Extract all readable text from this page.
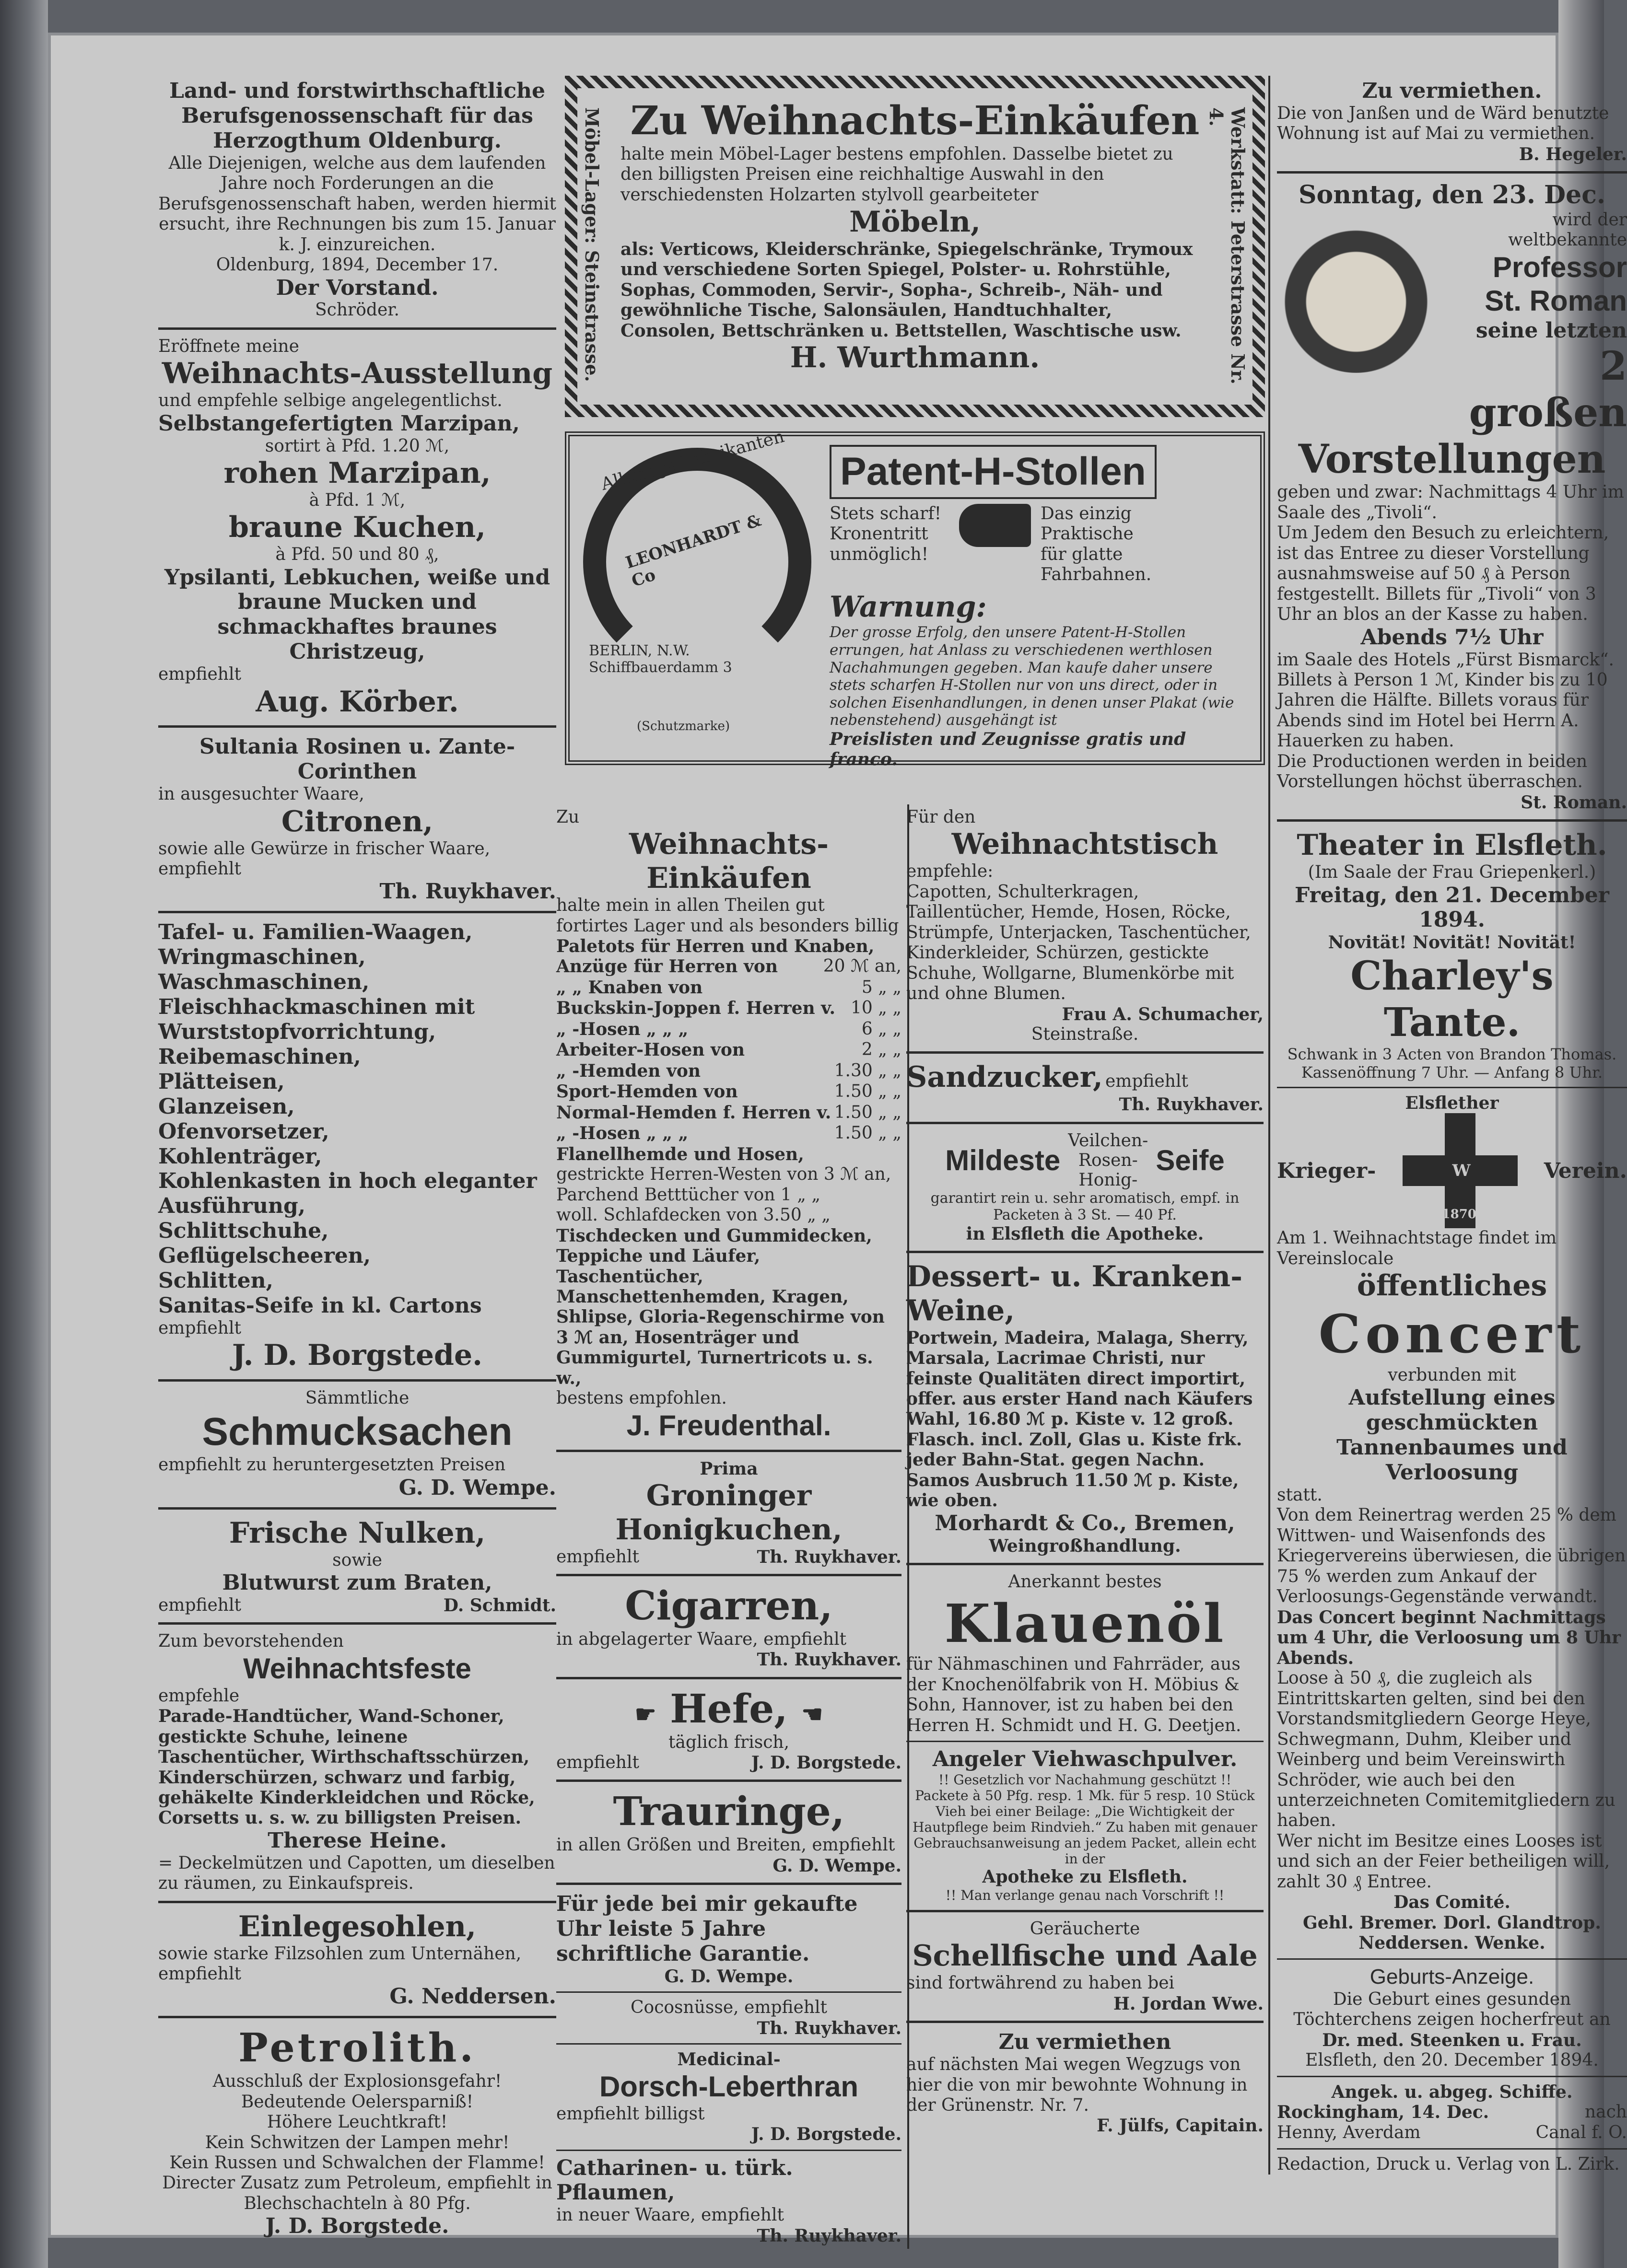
Land- und forstwirthschaftliche Berufsgenossenschaft für das Herzogthum Oldenburg.

Alle Diejenigen, welche aus dem laufenden Jahre noch Forderungen an die Berufsgenossenschaft haben, werden hiermit ersucht, ihre Rechnungen bis zum 15. Januar k. J. einzureichen.

Oldenburg, 1894, December 17.

Der Vorstand.

Schröder.

Eröffnete meine

Weihnachts-Ausstellung

und empfehle selbige angelegentlichst.

Selbstangefertigten Marzipan,

sortirt à Pfd. 1.20 ℳ,

rohen Marzipan,

à Pfd. 1 ℳ,

braune Kuchen,

à Pfd. 50 und 80 ₰,

Ypsilanti, Lebkuchen, weiße und braune Mucken und schmackhaftes braunes Christzeug,

empfiehlt

Aug. Körber.

Sultania Rosinen u. Zante-Corinthen

in ausgesuchter Waare,

Citronen,

sowie alle Gewürze in frischer Waare, empfiehlt

Th. Ruykhaver.

Tafel- u. Familien-Waagen,

Wringmaschinen,

Waschmaschinen,

Fleischhackmaschinen mit Wurststopfvorrichtung,

Reibemaschinen,

Plätteisen,

Glanzeisen,

Ofenvorsetzer,

Kohlenträger,

Kohlenkasten in hoch eleganter Ausführung,

Schlittschuhe,

Geflügelscheeren,

Schlitten,

Sanitas-Seife in kl. Cartons

empfiehlt

J. D. Borgstede.

Sämmtliche

Schmucksachen

empfiehlt zu heruntergesetzten Preisen

G. D. Wempe.

Frische Nulken,

sowie

Blutwurst zum Braten,

empfiehlt	D. Schmidt.

Zum bevorstehenden

Weihnachtsfeste

empfehle

Parade-Handtücher, Wand-Schoner, gestickte Schuhe, leinene Taschentücher, Wirthschaftsschürzen, Kinderschürzen, schwarz und farbig, gehäkelte Kinderkleidchen und Röcke, Corsetts u. s. w. zu billigsten Preisen.

Therese Heine.

= Deckelmützen und Capotten, um dieselben zu räumen, zu Einkaufspreis.

Einlegesohlen,

sowie starke Filzsohlen zum Unternähen, empfiehlt

G. Neddersen.

Petrolith.

Ausschluß der Explosionsgefahr!

Bedeutende Oelersparniß!

Höhere Leuchtkraft!

Kein Schwitzen der Lampen mehr!

Kein Russen und Schwalchen der Flamme!

Directer Zusatz zum Petroleum, empfiehlt in Blechschachteln à 80 Pfg.

J. D. Borgstede.

Möbel-Lager: Steinstrasse.	Werkstatt: Peterstrasse Nr. 4.

Zu Weihnachts-Einkäufen

halte mein Möbel-Lager bestens empfohlen. Dasselbe bietet zu den billigsten Preisen eine reichhaltige Auswahl in den verschiedensten Holzarten stylvoll gearbeiteter

Möbeln,

als: Verticows, Kleiderschränke, Spiegelschränke, Trymoux und verschiedene Sorten Spiegel, Polster- u. Rohrstühle, Sophas, Commoden, Servir-, Sopha-, Schreib-, Näh- und gewöhnliche Tische, Salonsäulen, Handtuchhalter, Consolen, Bettschränken u. Bettstellen, Waschtische usw.

H. Wurthmann.

LEONHARDT & Co

Alleinige Fabrikanten

BERLIN, N.W. Schiffbauerdamm 3

(Schutzmarke)

Patent-H-Stollen

Stets scharf! Kronentritt unmöglich!

Das einzig Praktische für glatte Fahrbahnen.

Warnung:

Der grosse Erfolg, den unsere Patent-H-Stollen errungen, hat Anlass zu verschiedenen werthlosen Nachahmungen gegeben. Man kaufe daher unsere stets scharfen H-Stollen nur von uns direct, oder in solchen Eisenhandlungen, in denen unser Plakat (wie nebenstehend) ausgehängt ist

Preislisten und Zeugnisse gratis und franco.

Zu

Weihnachts-Einkäufen

halte mein in allen Theilen gut fortirtes Lager und als besonders billig

Paletots für Herren und Knaben,

Anzüge für Herren von	20 ℳ an,

„ „ Knaben von	5 „ „

Buckskin-Joppen f. Herren v. 10 „ „

„ -Hosen „ „ „	6 „ „

Arbeiter-Hosen von	2 „ „

„ -Hemden von	1.30 „ „

Sport-Hemden von	1.50 „ „

Normal-Hemden f. Herren v. 1.50 „ „

„ -Hosen „ „ „	1.50 „ „

Flanellhemde und Hosen,

gestrickte Herren-Westen von 3 ℳ an,

Parchend Betttücher von 1 „ „

woll. Schlafdecken von 3.50 „ „

Tischdecken und Gummidecken, Teppiche und Läufer, Taschentücher, Manschettenhemden, Kragen, Shlipse, Gloria-Regenschirme von 3 ℳ an, Hosenträger und Gummigurtel, Turnertricots u. s. w.,

bestens empfohlen.

J. Freudenthal.

Prima

Groninger Honigkuchen,

empfiehlt	Th. Ruykhaver.

Cigarren,

in abgelagerter Waare, empfiehlt

Th. Ruykhaver.

☛ Hefe, ☚

täglich frisch,

empfiehlt	J. D. Borgstede.

Trauringe,

in allen Größen und Breiten, empfiehlt

G. D. Wempe.

Für jede bei mir gekaufte Uhr leiste 5 Jahre schriftliche Garantie.

G. D. Wempe.

Cocosnüsse, empfiehlt

Th. Ruykhaver.

Medicinal-

Dorsch-Leberthran

empfiehlt billigst

J. D. Borgstede.

Catharinen- u. türk. Pflaumen,

in neuer Waare, empfiehlt

Th. Ruykhaver.

Für den

Weihnachtstisch

empfehle:

Capotten, Schulterkragen, Taillentücher, Hemde, Hosen, Röcke, Strümpfe, Unterjacken, Taschentücher, Kinderkleider, Schürzen, gestickte Schuhe, Wollgarne, Blumenkörbe mit und ohne Blumen.

Frau A. Schumacher,

Steinstraße.

Sandzucker, empfiehlt

Th. Ruykhaver.

Mildeste
Veilchen-
Rosen-
Honig-
Seife

garantirt rein u. sehr aromatisch, empf. in Packeten à 3 St. — 40 Pf.

in Elsfleth die Apotheke.

Dessert- u. Kranken-Weine,

Portwein, Madeira, Malaga, Sherry, Marsala, Lacrimae Christi, nur feinste Qualitäten direct importirt, offer. aus erster Hand nach Käufers Wahl, 16.80 ℳ p. Kiste v. 12 groß. Flasch. incl. Zoll, Glas u. Kiste frk. jeder Bahn-Stat. gegen Nachn. Samos Ausbruch 11.50 ℳ p. Kiste, wie oben.

Morhardt & Co., Bremen,

Weingroßhandlung.

Anerkannt bestes

Klauenöl

für Nähmaschinen und Fahrräder, aus der Knochenölfabrik von H. Möbius & Sohn, Hannover, ist zu haben bei den Herren H. Schmidt und H. G. Deetjen.

Angeler Viehwaschpulver.

!! Gesetzlich vor Nachahmung geschützt !!

Packete à 50 Pfg. resp. 1 Mk. für 5 resp. 10 Stück Vieh bei einer Beilage: „Die Wichtigkeit der Hautpflege beim Rindvieh.“ Zu haben mit genauer Gebrauchsanweisung an jedem Packet, allein echt in der

Apotheke zu Elsfleth.

!! Man verlange genau nach Vorschrift !!

Geräucherte

Schellfische und Aale

sind fortwährend zu haben bei

H. Jordan Wwe.

Zu vermiethen

auf nächsten Mai wegen Wegzugs von hier die von mir bewohnte Wohnung in der Grünenstr. Nr. 7.

F. Jülfs, Capitain.

Zu vermiethen.

Die von Janßen und de Wärd benutzte Wohnung ist auf Mai zu vermiethen.

B. Hegeler.

Sonntag, den 23. Dec.

wird der weltbekannte

Professor

St. Roman

seine letzten

2 großen

Vorstellungen

geben und zwar: Nachmittags 4 Uhr im Saale des „Tivoli“.

Um Jedem den Besuch zu erleichtern, ist das Entree zu dieser Vorstellung ausnahmsweise auf 50 ₰ à Person festgestellt. Billets für „Tivoli“ von 3 Uhr an blos an der Kasse zu haben.

Abends 7½ Uhr

im Saale des Hotels „Fürst Bismarck“.

Billets à Person 1 ℳ, Kinder bis zu 10 Jahren die Hälfte. Billets voraus für Abends sind im Hotel bei Herrn A. Hauerken zu haben.

Die Productionen werden in beiden Vorstellungen höchst überraschen.

St. Roman.

Theater in Elsfleth.

(Im Saale der Frau Griepenkerl.)

Freitag, den 21. December 1894.

Novität! Novität! Novität!

Charley's Tante.

Schwank in 3 Acten von Brandon Thomas.

Kassenöffnung 7 Uhr. — Anfang 8 Uhr.

Elsflether

Krieger-	W
1870
Verein.

Am 1. Weihnachtstage findet im Vereinslocale

öffentliches

Concert

verbunden mit

Aufstellung eines geschmückten Tannenbaumes und Verloosung

statt.

Von dem Reinertrag werden 25 % dem Wittwen- und Waisenfonds des Kriegervereins überwiesen, die übrigen 75 % werden zum Ankauf der Verloosungs-Gegenstände verwandt.

Das Concert beginnt Nachmittags um 4 Uhr, die Verloosung um 8 Uhr Abends.

Loose à 50 ₰, die zugleich als Eintrittskarten gelten, sind bei den Vorstandsmitgliedern George Heye, Schwegmann, Duhm, Kleiber und Weinberg und beim Vereinswirth Schröder, wie auch bei den unterzeichneten Comitemitgliedern zu haben.

Wer nicht im Besitze eines Looses ist und sich an der Feier betheiligen will, zahlt 30 ₰ Entree.

Das Comité.

Gehl. Bremer. Dorl. Glandtrop. Neddersen. Wenke.

Geburts-Anzeige.

Die Geburt eines gesunden Töchterchens zeigen hocherfreut an

Dr. med. Steenken u. Frau.

Elsfleth, den 20. December 1894.

Angek. u. abgeg. Schiffe.

Rockingham, 14. Dec.	nach

Henny, Averdam	Canal f. O.

Redaction, Druck u. Verlag von L. Zirk.
